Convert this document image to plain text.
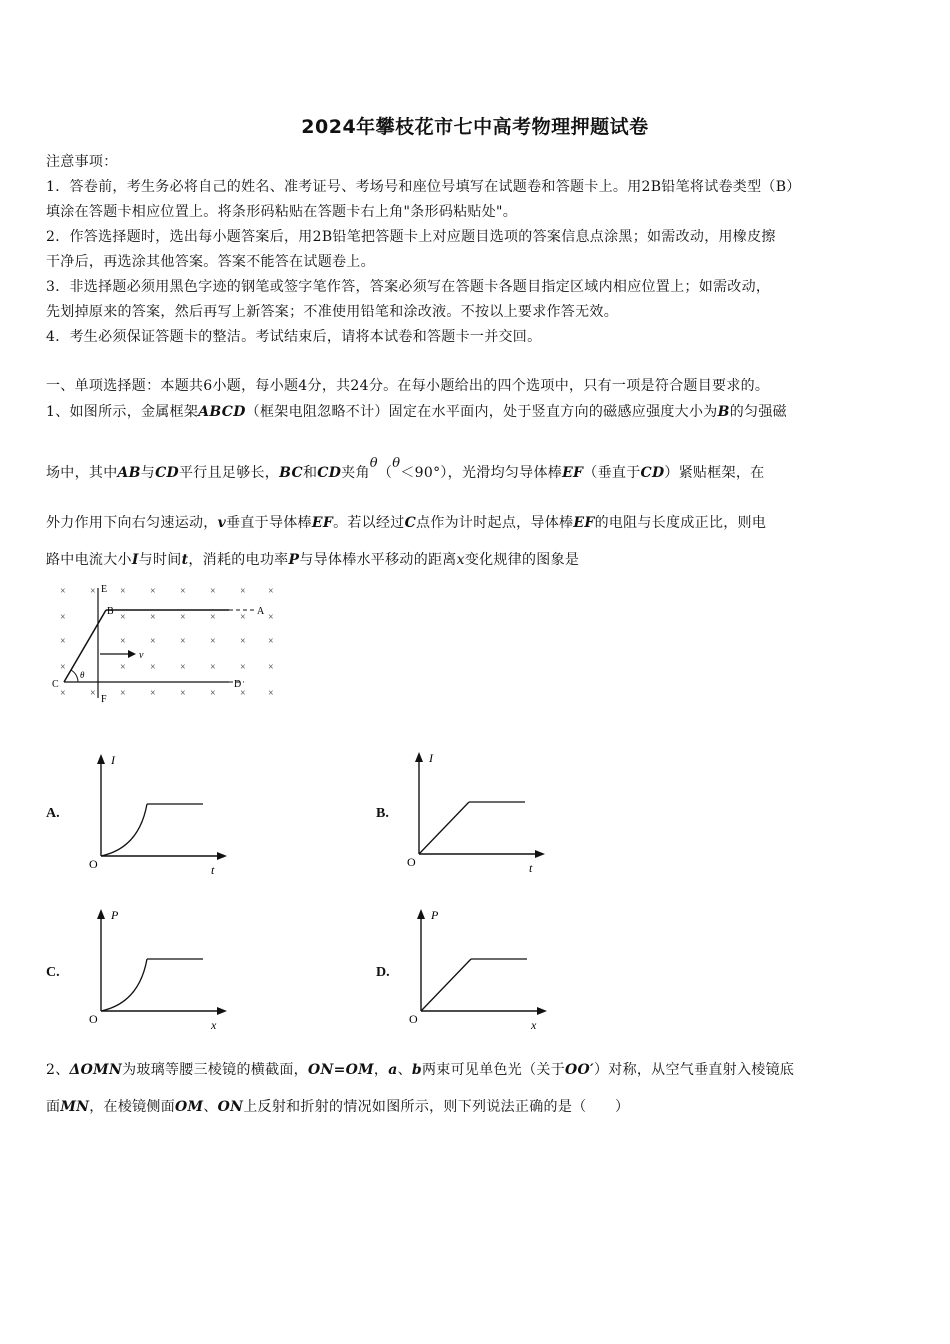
2024年攀枝花市七中高考物理押题试卷
注意事项：
1．答卷前，考生务必将自己的姓名、准考证号、考场号和座位号填写在试题卷和答题卡上。用2B铅笔将试卷类型（B）
填涂在答题卡相应位置上。将条形码粘贴在答题卡右上角"条形码粘贴处"。
2．作答选择题时，选出每小题答案后，用2B铅笔把答题卡上对应题目选项的答案信息点涂黑；如需改动，用橡皮擦
干净后，再选涂其他答案。答案不能答在试题卷上。
3．非选择题必须用黑色字迹的钢笔或签字笔作答，答案必须写在答题卡各题目指定区域内相应位置上；如需改动，
先划掉原来的答案，然后再写上新答案；不准使用铅笔和涂改液。不按以上要求作答无效。
4．考生必须保证答题卡的整洁。考试结束后，请将本试卷和答题卡一并交回。
一、单项选择题：本题共6小题，每小题4分，共24分。在每小题给出的四个选项中，只有一项是符合题目要求的。
1、如图所示，金属框架ABCD（框架电阻忽略不计）固定在水平面内，处于竖直方向的磁感应强度大小为B的匀强磁
场中，其中AB与CD平行且足够长，BC和CD夹角θ（θ＜90°），光滑均匀导体棒EF（垂直于CD）紧贴框架，在
外力作用下向右匀速运动，v垂直于导体棒EF。若以经过C点作为计时起点，导体棒EF的电阻与长度成正比，则电
路中电流大小I与时间t，消耗的电功率P与导体棒水平移动的距离x变化规律的图象是
× × × × × × × ×
×	× × × × × ×
×	× × × × × ×
×	× × × × × ×
× × × × × × × ×
E
B	A
C	D
F
v
θ
A.
I
t
O
B.
I
t
O
C.
P
x
O
D.
P
x
O
2、ΔOMN为玻璃等腰三棱镜的横截面，ON=OM，a、b两束可见单色光（关于OO′）对称，从空气垂直射入棱镜底
面MN，在棱镜侧面OM、ON上反射和折射的情况如图所示，则下列说法正确的是（　　）
